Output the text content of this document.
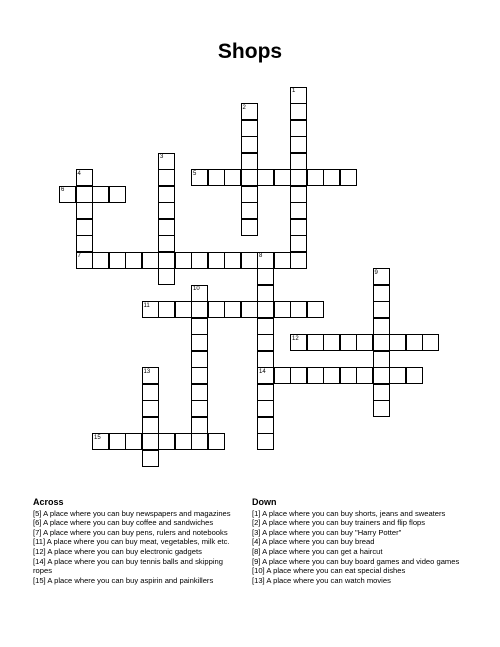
Shops
1
2
3
4	5
6
7	8
9
10
11
12
13	14
15
Across

[5] A place where you can buy newspapers and magazines

[6] A place where you can buy coffee and sandwiches

[7] A place where you can buy pens, rulers and notebooks

[11] A place where you can buy meat, vegetables, milk etc.

[12] A place where you can buy electronic gadgets

[14] A place where you can buy tennis balls and skipping ropes

[15] A place where you can buy aspirin and painkillers

Down

[1] A place where you can buy shorts, jeans and sweaters

[2] A place where you can buy trainers and flip flops

[3] A place where you can buy "Harry Potter"

[4] A place where you can buy bread

[8] A place where you can get a haircut

[9] A place where you can buy board games and video games

[10] A place where you can eat special dishes

[13] A place where you can watch movies
